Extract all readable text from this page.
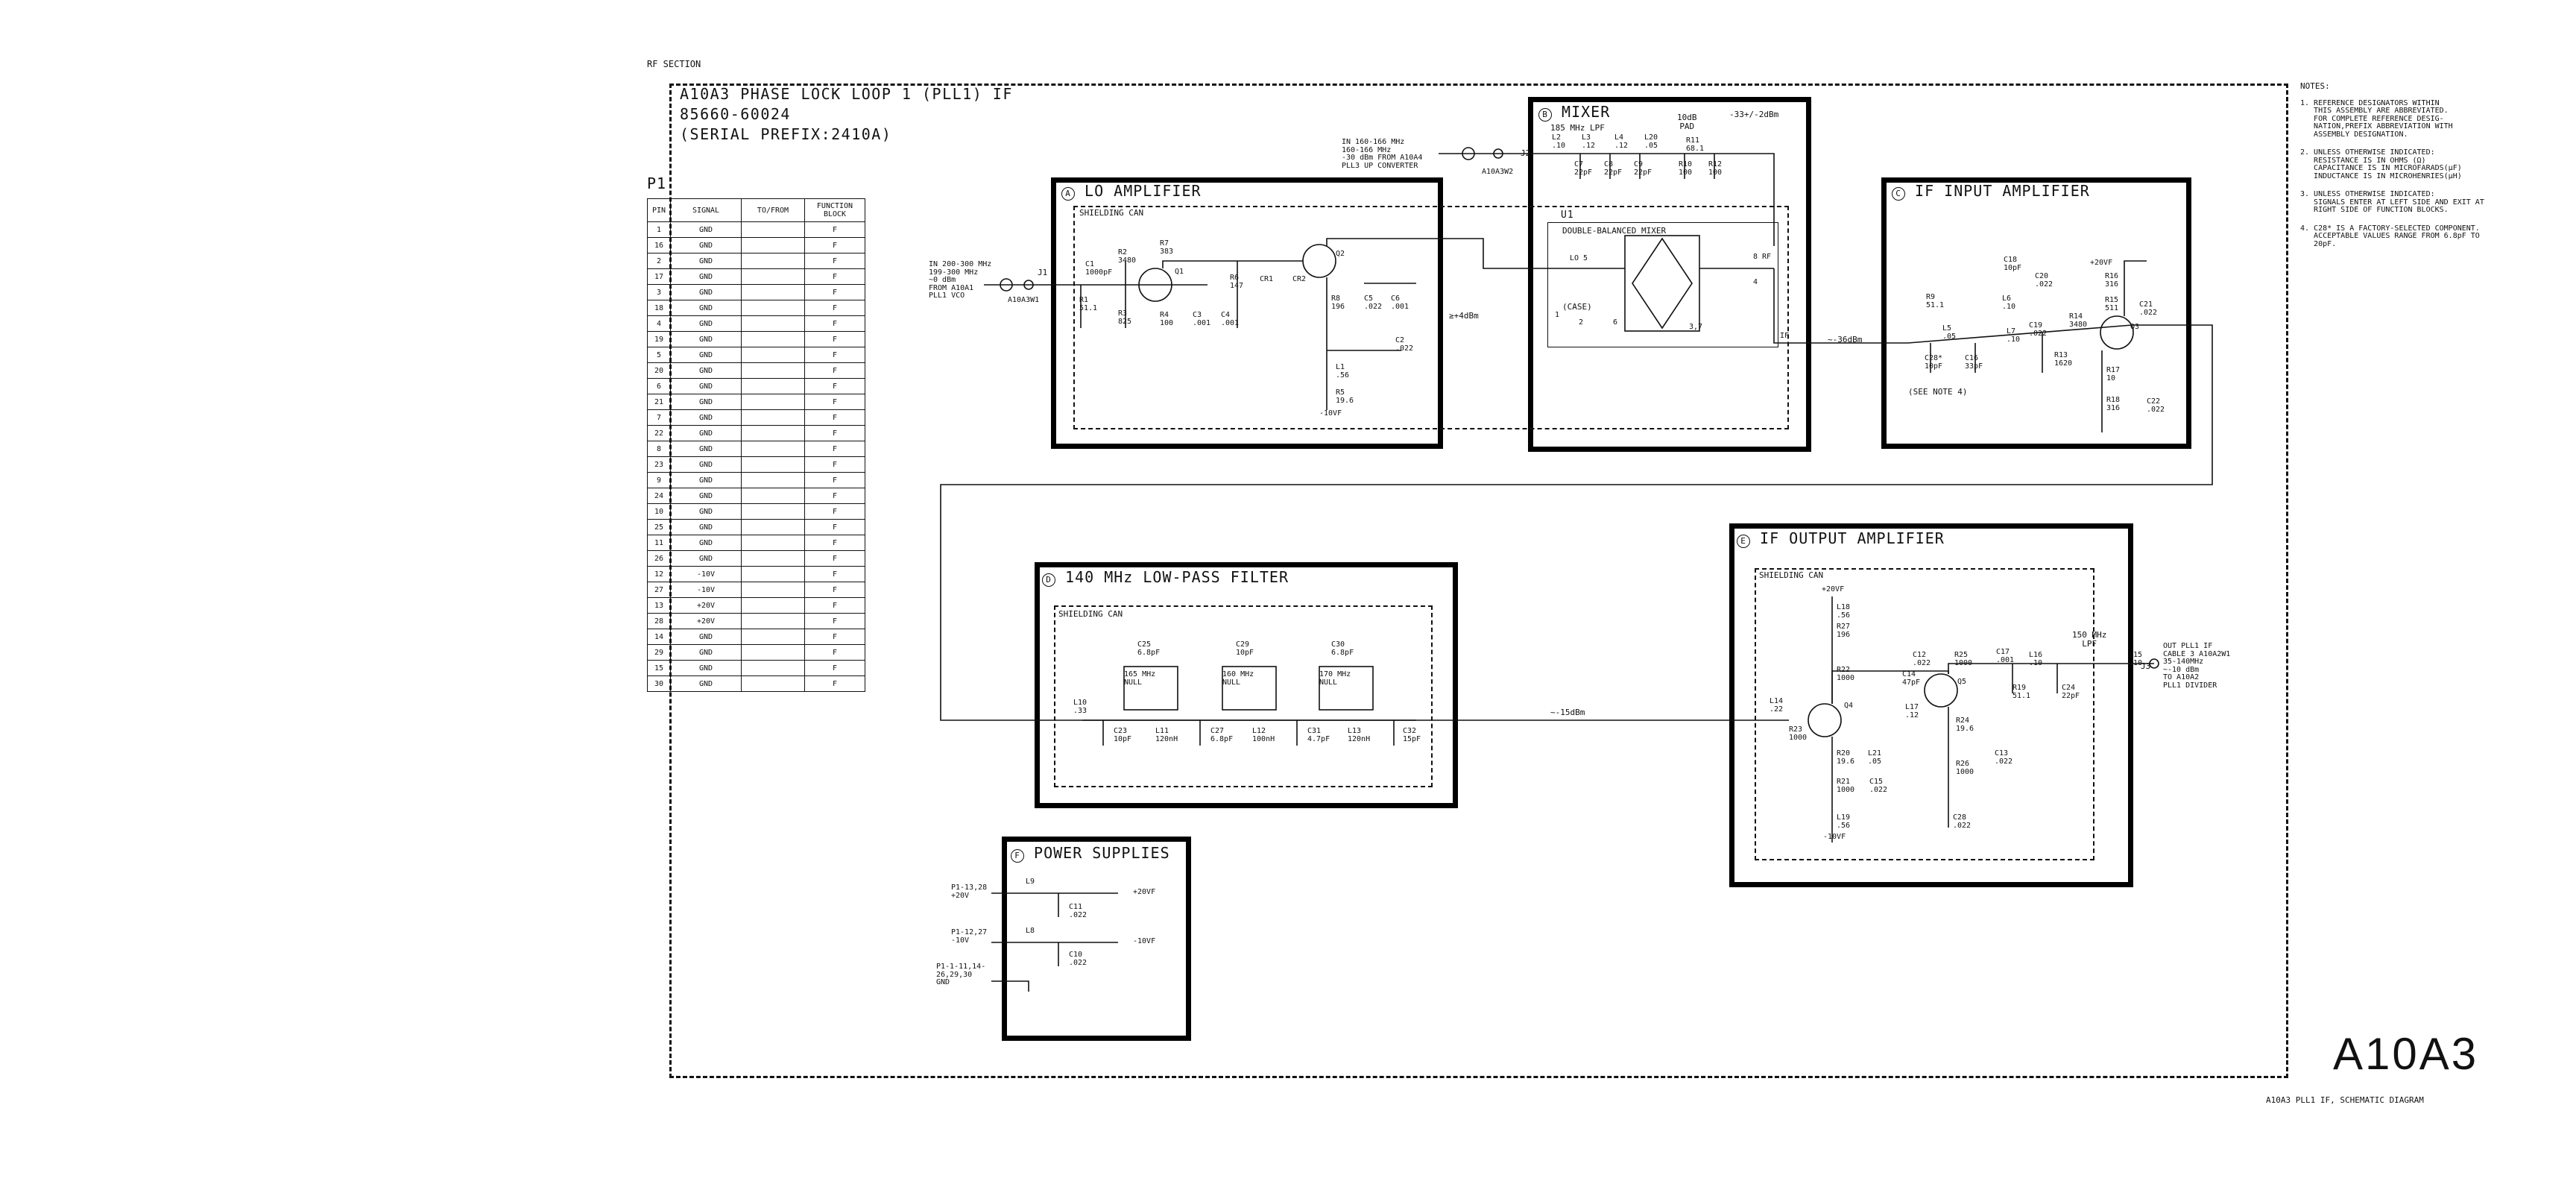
RF SECTION
A10A3 PHASE LOCK LOOP 1 (PLL1) IF
85660-60024
(SERIAL PREFIX:2410A)
P1
PIN	SIGNAL	TO/FROM	FUNCTION BLOCK
1	GND		F
16	GND		F
2	GND		F
17	GND		F
3	GND		F
18	GND		F
4	GND		F
19	GND		F
5	GND		F
20	GND		F
6	GND		F
21	GND		F
7	GND		F
22	GND		F
8	GND		F
23	GND		F
9	GND		F
24	GND		F
10	GND		F
25	GND		F
11	GND		F
26	GND		F
12	-10V		F
27	-10V		F
13	+20V		F
28	+20V		F
14	GND		F
29	GND		F
15	GND		F
30	GND		F
A LO AMPLIFIER
SHIELDING CAN
B MIXER
C IF INPUT AMPLIFIER
D 140 MHz LOW-PASS FILTER
SHIELDING CAN
E IF OUTPUT AMPLIFIER
SHIELDING CAN
F POWER SUPPLIES
185 MHz LPF
10dB
PAD
-33+/-2dBm
U1
DOUBLE-BALANCED MIXER
(CASE)
(SEE NOTE 4)
150 MHz
LPF
IN 200-300 MHz
199-300 MHz
~0 dBm
FROM A10A1
PLL1 VCO
IN 160-166 MHz
160-166 MHz
-30 dBm FROM A10A4
PLL3 UP CONVERTER
≥+4dBm
~-36dBm
~-15dBm
OUT PLL1 IF
CABLE 3 A10A2W1
35-140MHz
~-10 dBm
TO A10A2
PLL1 DIVIDER
J1
J2
J3
A10A3W1
A10A3W2
C1
1000pF
R1
51.1
R2
3480
R3
825
R7
383
Q1
R4
100
C3
.001
C4
.001
R6
147
CR1	CR2
Q2
R8
196
C5
.022
C6
.001
C2
.022
L1
.56
R5
19.6
-10VF
L2
.10
L3
.12
L4
.12
L20
.05
R11
68.1
C7
22pF
C8
22pF
C9
22pF
R10
100
R12
100
LO 5	8 RF
IF
6
2
3,7
1
4
C18
10pF
C20
.022
+20VF
R16
316
R15
511
R14
3480	Q3
C21
.022
R9
51.1
L6
.10
L5
.05
L7
.10
C19
.022
R13
1620
R17
10
C28*
10pF
C16
33pF
R18
316
C22
.022
C25
6.8pF
165 MHz
NULL
C29
10pF
160 MHz
NULL
C30
6.8pF
170 MHz
NULL
L10
.33
C23
10pF
L11
120nH
C27
6.8pF
L12
100nH
C31
4.7pF
L13
120nH
C32
15pF
+20VF
L18
.56
R27
196
R22
1000
C12
.022
R25
1000
C17
.001
L16
.10
L15
.10
Q5
C14
47pF
L17
.12
R19
51.1
C24
22pF
L14
.22	Q4
R23
1000
R24
19.6
R20
19.6
L21
.05	R26
1000
C13
.022
R21
1000
C15
.022
L19
.56
C28
.022
-10VF
P1-13,28
+20V
L9
C11
.022
+20VF
P1-12,27
-10V
L8
C10
.022
-10VF
P1-1-11,14-
26,29,30
GND
NOTES:
1. REFERENCE DESIGNATORS WITHIN
THIS ASSEMBLY ARE ABBREVIATED.
FOR COMPLETE REFERENCE DESIG-
NATION,PREFIX ABBREVIATION WITH
ASSEMBLY DESIGNATION.
2. UNLESS OTHERWISE INDICATED:
RESISTANCE IS IN OHMS (Ω)
CAPACITANCE IS IN MICROFARADS(μF)
INDUCTANCE IS IN MICROHENRIES(μH)
3. UNLESS OTHERWISE INDICATED:
SIGNALS ENTER AT LEFT SIDE AND EXIT AT
RIGHT SIDE OF FUNCTION BLOCKS.
4. C28* IS A FACTORY-SELECTED COMPONENT.
ACCEPTABLE VALUES RANGE FROM 6.8pF TO
20pF.
A10A3
A10A3 PLL1 IF, SCHEMATIC DIAGRAM
